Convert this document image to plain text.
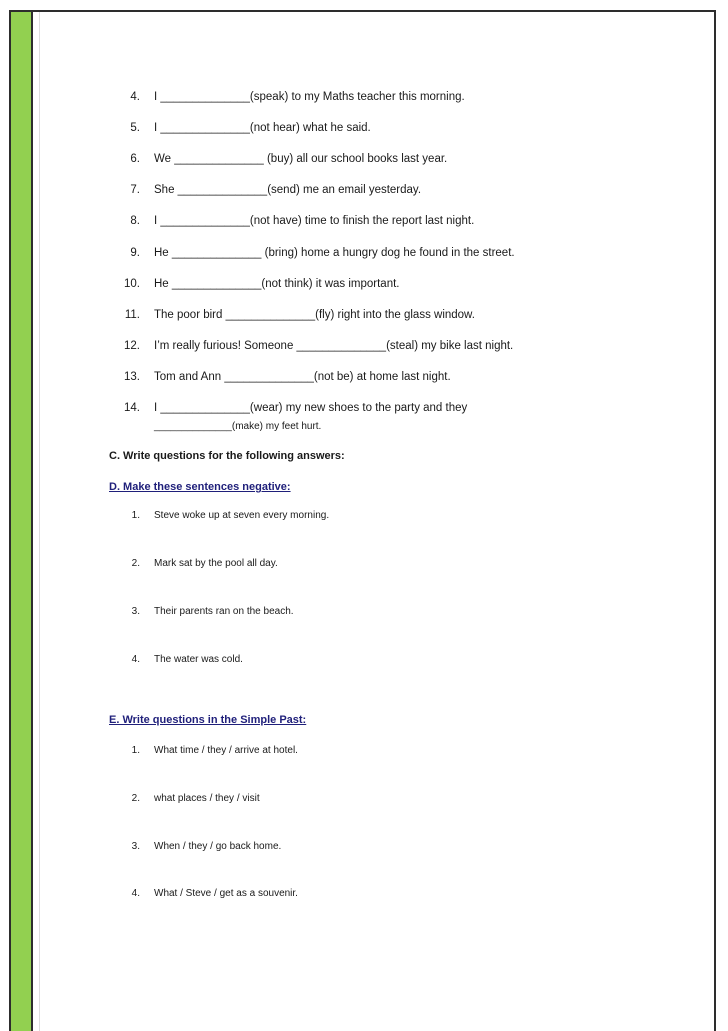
4. I ______________(speak) to my Maths teacher this morning.
5. I ______________(not hear) what he said.
6. We ______________ (buy) all our school books last year.
7. She ______________(send) me an email yesterday.
8. I ______________(not have) time to finish the report last night.
9. He ______________ (bring) home a hungry dog he found in the street.
10. He ______________(not think) it was important.
11. The poor bird ______________(fly) right into the glass window.
12. I’m really furious! Someone ______________(steal) my bike last night.
13. Tom and Ann ______________(not be) at home last night.
14. I ______________(wear) my new shoes to the party and they
______________(make) my feet hurt.
C. Write questions for the following answers:
D. Make these sentences negative:
1. Steve woke up at seven every morning.
2. Mark sat by the pool all day.
3. Their parents ran on the beach.
4. The water was cold.
E. Write questions in the Simple Past:
1. What time / they / arrive at hotel.
2. what places / they / visit
3. When / they / go back home.
4. What / Steve / get as a souvenir.
